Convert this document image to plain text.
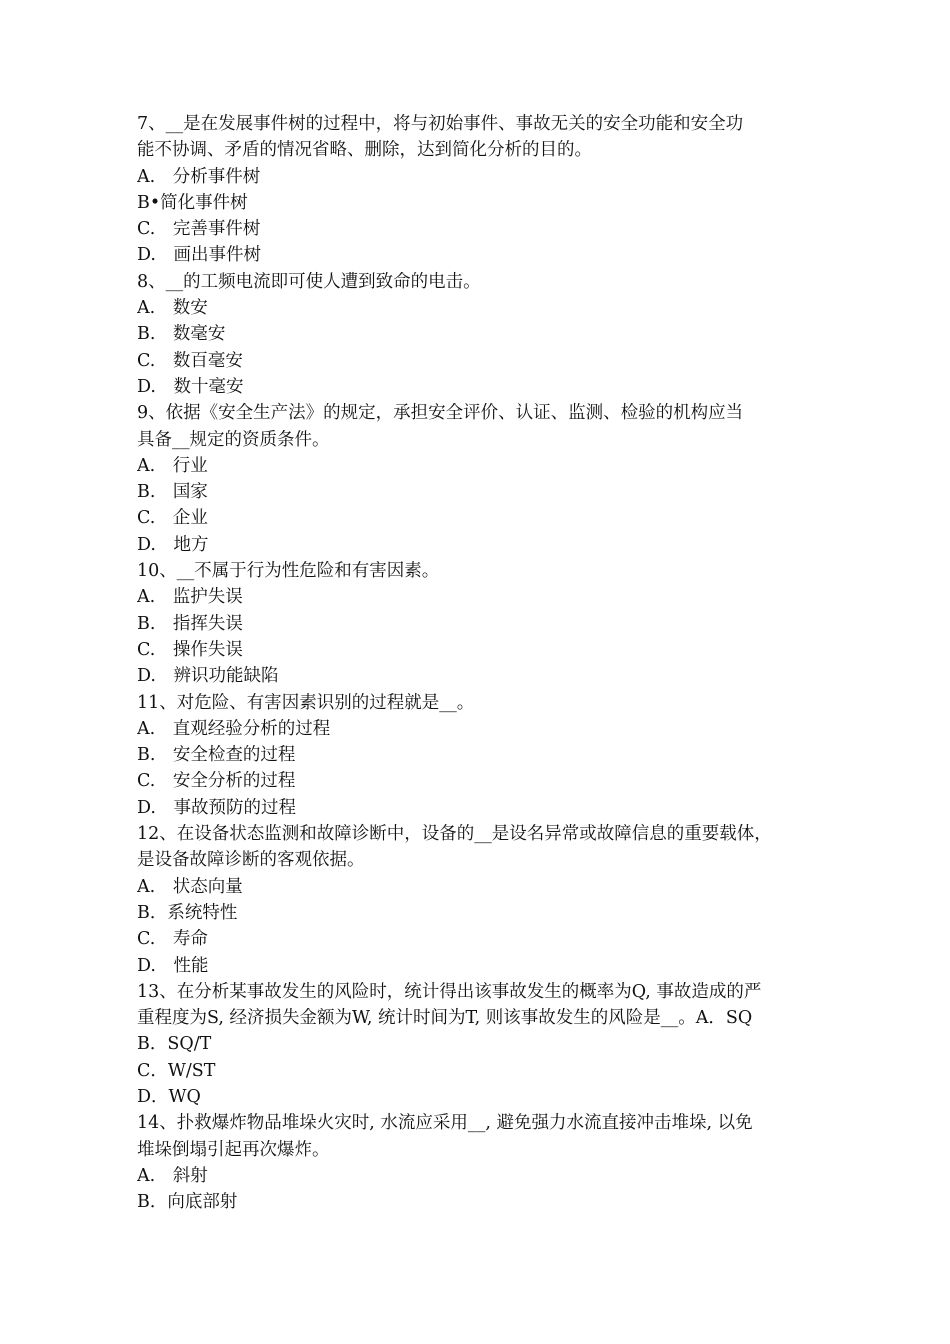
7、__是在发展事件树的过程中，将与初始事件、事故无关的安全功能和安全功
能不协调、矛盾的情况省略、删除，达到简化分析的目的。
A.　分析事件树
B•简化事件树
C.　完善事件树
D.　画出事件树
8、__的工频电流即可使人遭到致命的电击。
A.　数安
B.　数毫安
C.　数百毫安
D.　数十毫安
9、依据《安全生产法》的规定，承担安全评价、认证、监测、检验的机构应当
具备__规定的资质条件。
A.　行业
B.　国家
C.　企业
D.　地方
10、__不属于行为性危险和有害因素。
A.　监护失误
B.　指挥失误
C.　操作失误
D.　辨识功能缺陷
11、对危险、有害因素识别的过程就是__。
A.　直观经验分析的过程
B.　安全检查的过程
C.　安全分析的过程
D.　事故预防的过程
12、在设备状态监测和故障诊断中，设备的__是设名异常或故障信息的重要载体，
是设备故障诊断的客观依据。
A.　状态向量
B．系统特性
C.　寿命
D.　性能
13、在分析某事故发生的风险时，统计得出该事故发生的概率为Q, 事故造成的严
重程度为S, 经济损失金额为W, 统计时间为T, 则该事故发生的风险是__。A．SQ
B．SQ/T
C．W/ST
D．WQ
14、扑救爆炸物品堆垛火灾时, 水流应采用__, 避免强力水流直接冲击堆垛, 以免
堆垛倒塌引起再次爆炸。
A.　斜射
B．向底部射
